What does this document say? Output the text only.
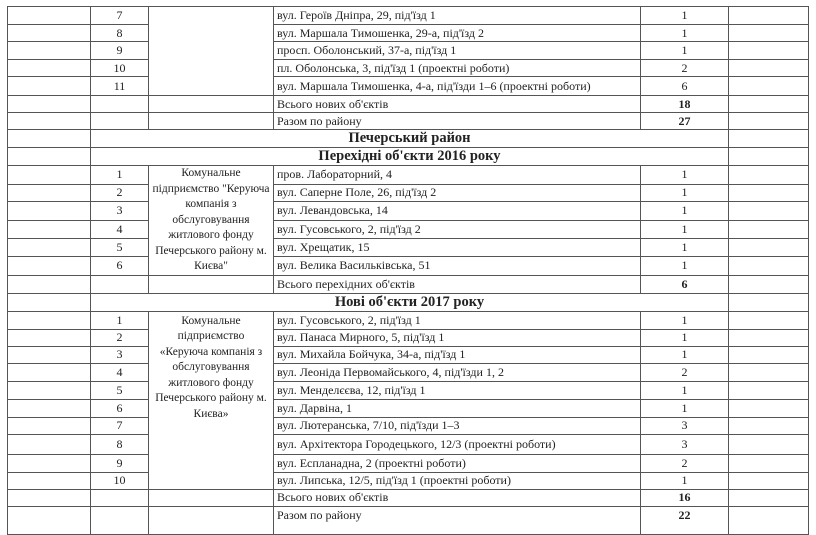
	7		вул. Героїв Дніпра, 29, під'їзд 1	1	
	8		вул. Маршала Тимошенка, 29-а, під'їзд 2	1	
	9		просп. Оболонський, 37-а, під'їзд 1	1	
	10		пл. Оболонська, 3, під'їзд 1 (проектні роботи)	2	
	11		вул. Маршала Тимошенка, 4-а, під'їзди 1–6 (проектні роботи)	6	
			Всього нових об'єктів	18	
			Разом по району	27	
	Печерський район				
	Перехідні об'єкти 2016 року				
	1	Комунальне підприємство "Керуюча компанія з обслуговування житлового фонду Печерського району м. Києва"	пров. Лабораторний, 4	1	
	2		вул. Саперне Поле, 26, під'їзд 2	1	
	3		вул. Левандовська, 14	1	
	4		вул. Гусовського, 2, під'їзд 2	1	
	5		вул. Хрещатик, 15	1	
	6		вул. Велика Васильківська, 51	1	
			Всього перехідних об'єктів	6	
	Нові об'єкти 2017 року				
	1	Комунальне підприємство «Керуюча компанія з обслуговування житлового фонду Печерського району м. Києва»	вул. Гусовського, 2, під'їзд 1	1	
	2		вул. Панаса Мирного, 5, під'їзд 1	1	
	3		вул. Михайла Бойчука, 34-а, під'їзд 1	1	
	4		вул. Леоніда Первомайського, 4, під'їзди 1, 2	2	
	5		вул. Менделєєва, 12, під'їзд 1	1	
	6		вул. Дарвіна, 1	1	
	7		вул. Лютеранська, 7/10, під'їзди 1–3	3	
	8		вул. Архітектора Городецького, 12/3 (проектні роботи)	3	
	9		вул. Еспланадна, 2 (проектні роботи)	2	
	10		вул. Липська, 12/5, під'їзд 1 (проектні роботи)	1	
			Всього нових об'єктів	16	
			Разом по району	22	
